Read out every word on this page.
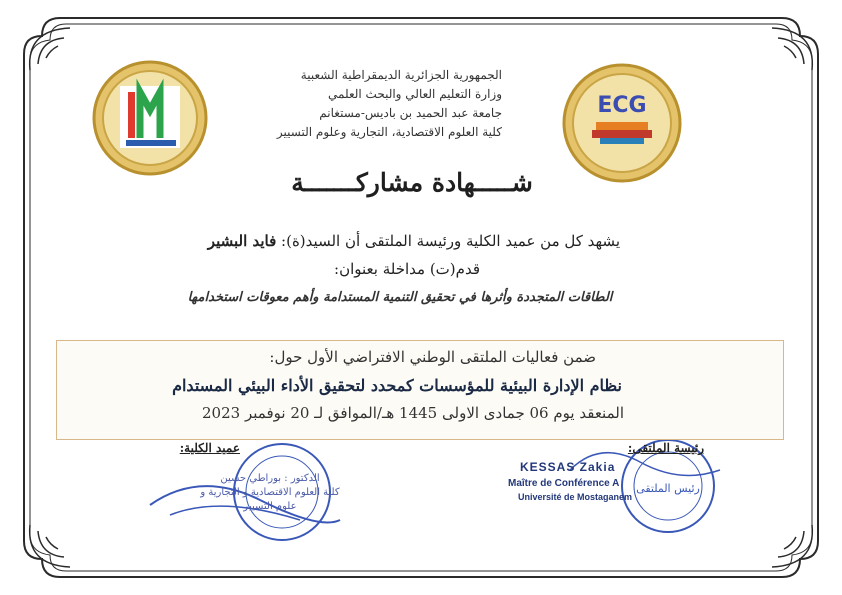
ECG
رئيس الملتقى
الجمهورية الجزائرية الديمقراطية الشعبية
وزارة التعليم العالي والبحث العلمي
جامعة عبد الحميد بن باديس-مستغانم
كلية العلوم الاقتصادية، التجارية وعلوم التسيير
شـــــهادة مشاركـــــــة
يشهد كل من عميد الكلية ورئيسة الملتقى أن السيد(ة): فايد البشير
قدم(ت) مداخلة بعنوان:
الطاقات المتجددة وأثرها في تحقيق التنمية المستدامة وأهم معوقات استخدامها
ضمن فعاليات الملتقى الوطني الافتراضي الأول حول:
نظام الإدارة البيئية للمؤسسات كمحدد لتحقيق الأداء البيئي المستدام
المنعقد يوم 06 جمادى الاولى 1445 هـ/الموافق لـ 20 نوفمبر 2023
رئيسة الملتقى:
عميد الكلية:
KESSAS Zakia
Maître de Conférence A
Université de Mostaganem
الدكتور : بوراطي حسين
كلية العلوم الاقتصادية و التجارية و علوم التسيير
